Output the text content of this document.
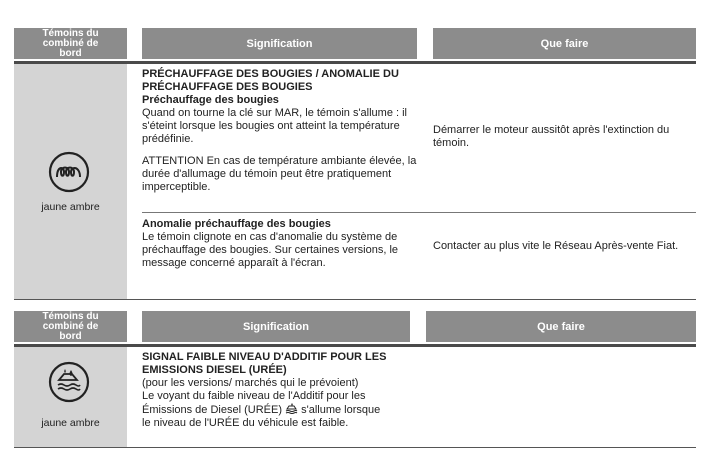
Témoins du combiné de bord
Signification	Que faire
jaune ambre
PRÉCHAUFFAGE DES BOUGIES / ANOMALIE DU PRÉCHAUFFAGE DES BOUGIES
Préchauffage des bougies
Quand on tourne la clé sur MAR, le témoin s'allume : il s'éteint lorsque les bougies ont atteint la température prédéfinie.
ATTENTION En cas de température ambiante élevée, la durée d'allumage du témoin peut être pratiquement imperceptible.
Démarrer le moteur aussitôt après l'extinction du témoin.
Anomalie préchauffage des bougies
Le témoin clignote en cas d'anomalie du système de préchauffage des bougies. Sur certaines versions, le message concerné apparaît à l'écran.
Contacter au plus vite le Réseau Après-vente Fiat.
Témoins du combiné de bord
Signification	Que faire
jaune ambre
SIGNAL FAIBLE NIVEAU D'ADDITIF POUR LES EMISSIONS DIESEL (URÉE)
(pour les versions/ marchés qui le prévoient)
Le voyant du faible niveau de l'Additif pour les
Émissions de Diesel (URÉE) s'allume lorsque
le niveau de l'URÉE du véhicule est faible.
